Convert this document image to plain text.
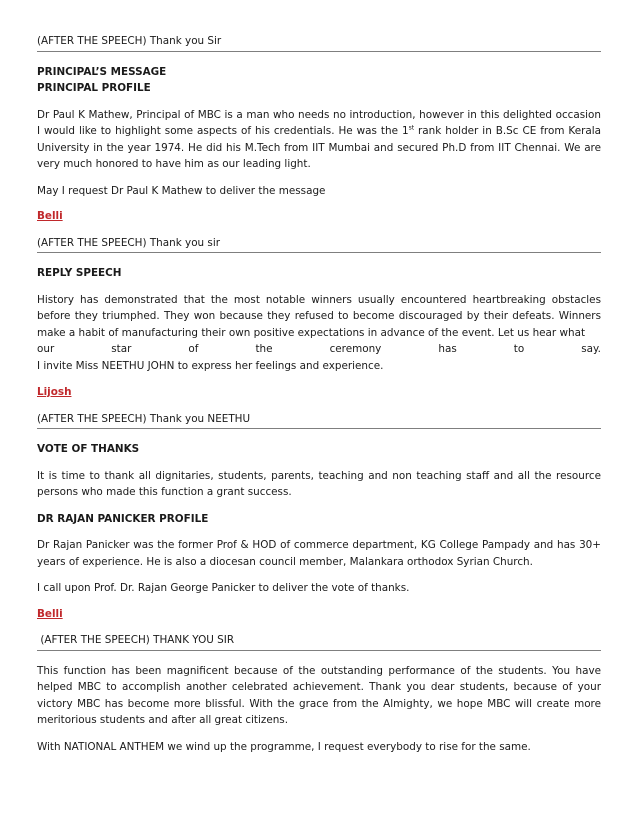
(AFTER THE SPEECH) Thank you Sir
PRINCIPAL’S MESSAGE
PRINCIPAL PROFILE

Dr Paul K Mathew, Principal of MBC is a man who needs no introduction, however in this delighted occasion I would like to highlight some aspects of his credentials. He was the 1st rank holder in B.Sc CE from Kerala University in the year 1974. He did his M.Tech from IIT Mumbai and secured Ph.D from IIT Chennai. We are very much honored to have him as our leading light.

May I request Dr Paul K Mathew to deliver the message

Belli
(AFTER THE SPEECH) Thank you sir
REPLY SPEECH
History has demonstrated that the most notable winners usually encountered heartbreaking obstacles before they triumphed. They won because they refused to become discouraged by their defeats. Winners make a habit of manufacturing their own positive expectations in advance of the event. Let us hear what
our star of the ceremony has to say.
I invite Miss NEETHU JOHN to express her feelings and experience.
Lijosh
(AFTER THE SPEECH) Thank you NEETHU
VOTE OF THANKS

It is time to thank all dignitaries, students, parents, teaching and non teaching staff and all the resource persons who made this function a grant success.

DR RAJAN PANICKER PROFILE

Dr Rajan Panicker was the former Prof & HOD of commerce department, KG College Pampady and has 30+ years of experience. He is also a diocesan council member, Malankara orthodox Syrian Church.

I call upon Prof. Dr. Rajan George Panicker to deliver the vote of thanks.

Belli
(AFTER THE SPEECH) THANK YOU SIR

This function has been magnificent because of the outstanding performance of the students. You have helped MBC to accomplish another celebrated achievement. Thank you dear students, because of your victory MBC has become more blissful. With the grace from the Almighty, we hope MBC will create more meritorious students and after all great citizens.

With NATIONAL ANTHEM we wind up the programme, I request everybody to rise for the same.
